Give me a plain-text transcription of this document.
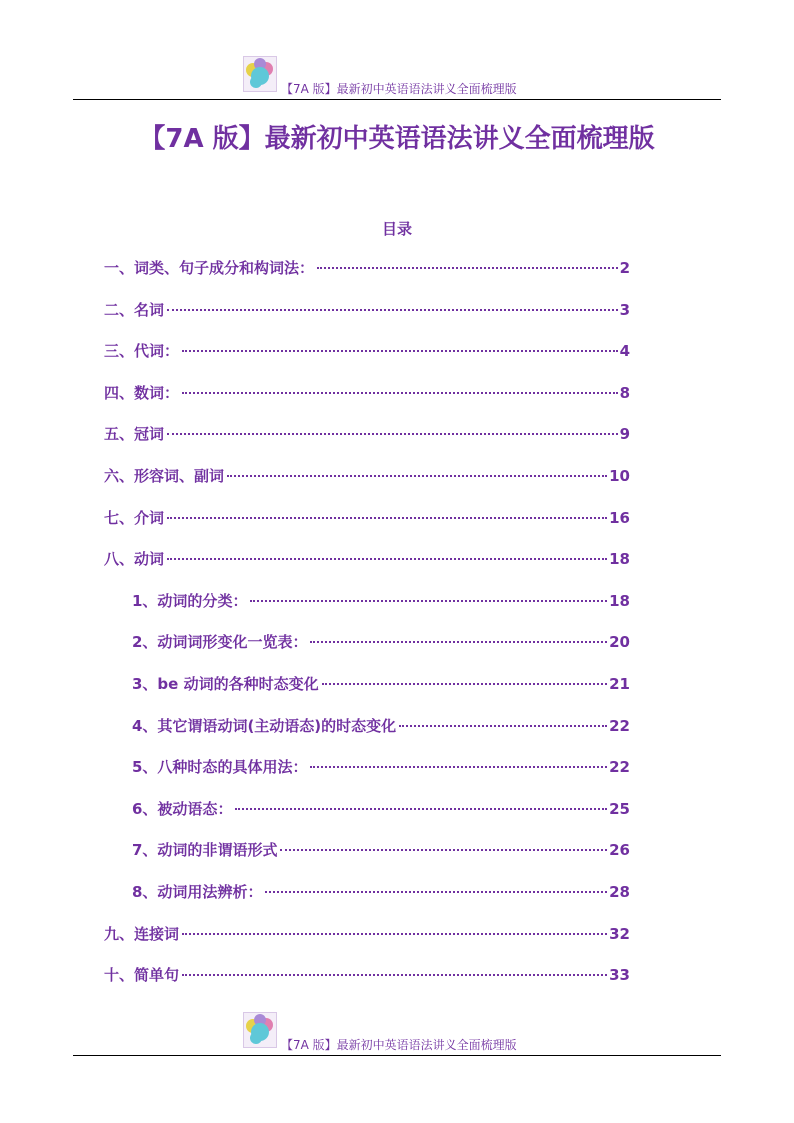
【7A 版】最新初中英语语法讲义全面梳理版
【7A 版】最新初中英语语法讲义全面梳理版
目录
一、词类、句子成分和构词法：	2
二、名词	3
三、代词：	4
四、数词：	8
五、冠词	9
六、形容词、副词	10
七、介词	16
八、动词	18
1、动词的分类：	18
2、动词词形变化一览表：	20
3、be 动词的各种时态变化	21
4、其它谓语动词(主动语态)的时态变化	22
5、八种时态的具体用法：	22
6、被动语态：	25
7、动词的非谓语形式	26
8、动词用法辨析：	28
九、连接词	32
十、简单句	33
【7A 版】最新初中英语语法讲义全面梳理版
